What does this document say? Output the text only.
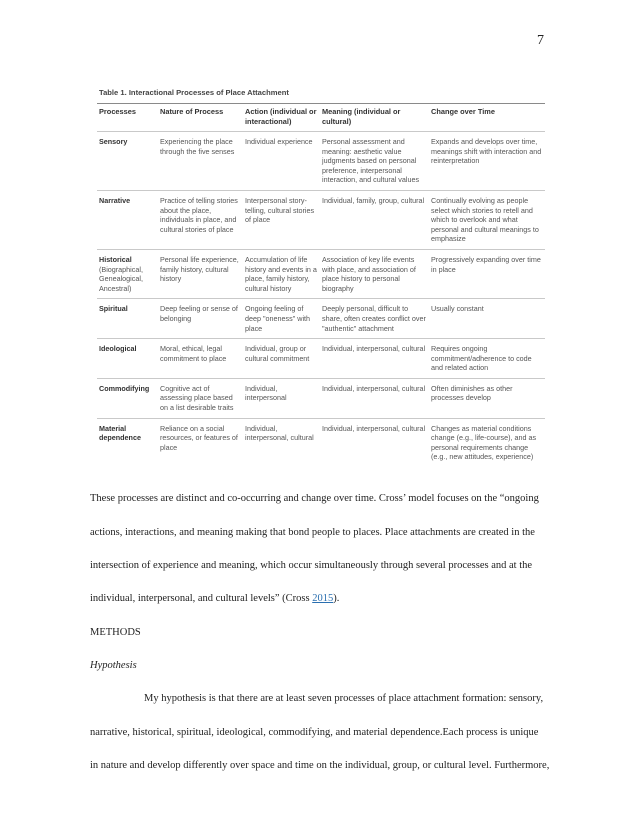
7
Table 1. Interactional Processes of Place Attachment
Processes	Nature of Process	Action (individual or interactional)	Meaning (individual or cultural)	Change over Time

Sensory	Experiencing the place through the five senses	Individual experience	Personal assessment and meaning: aesthetic value judgments based on personal preference, interpersonal interaction, and cultural values	Expands and develops over time, meanings shift with interaction and reinterpretation

Narrative	Practice of telling stories about the place, individuals in place, and cultural stories of place	Interpersonal story-telling, cultural stories of place	Individual, family, group, cultural	Continually evolving as people select which stories to retell and which to overlook and what personal and cultural meanings to emphasize

Historical
(Biographical, Genealogical, Ancestral)	Personal life experience, family history, cultural history	Accumulation of life history and events in a place, family history, cultural history	Association of key life events with place, and association of place history to personal biography	Progressively expanding over time in place

Spiritual	Deep feeling or sense of belonging	Ongoing feeling of deep "oneness" with place	Deeply personal, difficult to share, often creates conflict over "authentic" attachment	Usually constant

Ideological	Moral, ethical, legal commitment to place	Individual, group or cultural commitment	Individual, interpersonal, cultural	Requires ongoing commitment/adherence to code and related action

Commodifying	Cognitive act of assessing place based on a list desirable traits	Individual, interpersonal	Individual, interpersonal, cultural	Often diminishes as other processes develop

Material dependence	Reliance on a social resources, or features of place	Individual, interpersonal, cultural	Individual, interpersonal, cultural	Changes as material conditions change (e.g., life-course), and as personal requirements change (e.g., new attitudes, experience)
These processes are distinct and co-occurring and change over time. Cross’ model focuses on the “ongoing
actions, interactions, and meaning making that bond people to places. Place attachments are created in the
intersection of experience and meaning, which occur simultaneously through several processes and at the
individual, interpersonal, and cultural levels” (Cross 2015).
METHODS
Hypothesis
My hypothesis is that there are at least seven processes of place attachment formation: sensory,
narrative, historical, spiritual, ideological, commodifying, and material dependence.Each process is unique
in nature and develop differently over space and time on the individual, group, or cultural level. Furthermore,
